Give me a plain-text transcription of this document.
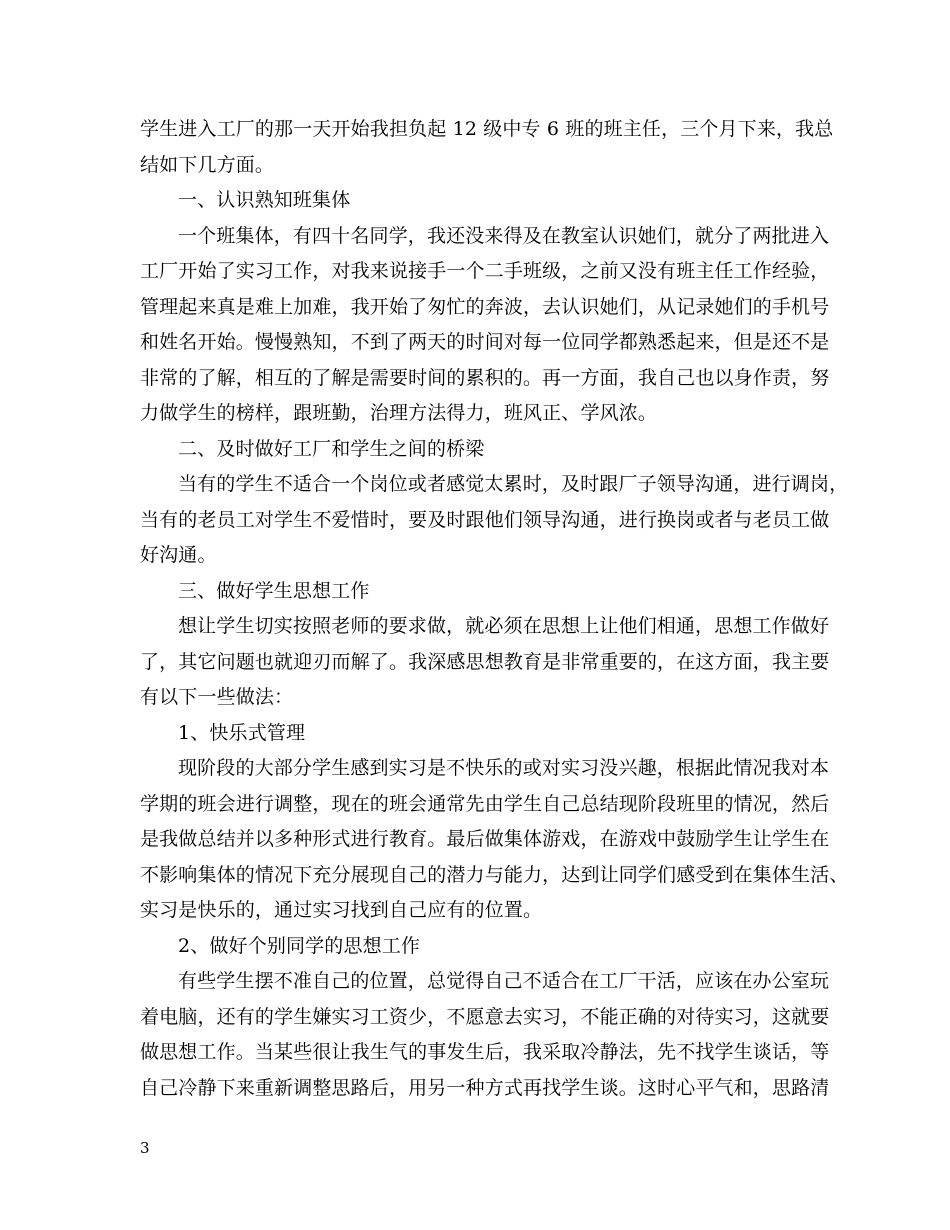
学生进入工厂的那一天开始我担负起 12 级中专 6 班的班主任，三个月下来，我总
结如下几方面。
一、认识熟知班集体
一个班集体，有四十名同学，我还没来得及在教室认识她们，就分了两批进入
工厂开始了实习工作，对我来说接手一个二手班级，之前又没有班主任工作经验，
管理起来真是难上加难，我开始了匆忙的奔波，去认识她们，从记录她们的手机号
和姓名开始。慢慢熟知，不到了两天的时间对每一位同学都熟悉起来，但是还不是
非常的了解，相互的了解是需要时间的累积的。再一方面，我自己也以身作责，努
力做学生的榜样，跟班勤，治理方法得力，班风正、学风浓。
二、及时做好工厂和学生之间的桥梁
当有的学生不适合一个岗位或者感觉太累时，及时跟厂子领导沟通，进行调岗，
当有的老员工对学生不爱惜时，要及时跟他们领导沟通，进行换岗或者与老员工做
好沟通。
三、做好学生思想工作
想让学生切实按照老师的要求做，就必须在思想上让他们相通，思想工作做好
了，其它问题也就迎刃而解了。我深感思想教育是非常重要的，在这方面，我主要
有以下一些做法：
1、快乐式管理
现阶段的大部分学生感到实习是不快乐的或对实习没兴趣，根据此情况我对本
学期的班会进行调整，现在的班会通常先由学生自己总结现阶段班里的情况，然后
是我做总结并以多种形式进行教育。最后做集体游戏，在游戏中鼓励学生让学生在
不影响集体的情况下充分展现自己的潜力与能力，达到让同学们感受到在集体生活、
实习是快乐的，通过实习找到自己应有的位置。
2、做好个别同学的思想工作
有些学生摆不准自己的位置，总觉得自己不适合在工厂干活，应该在办公室玩
着电脑，还有的学生嫌实习工资少，不愿意去实习，不能正确的对待实习，这就要
做思想工作。当某些很让我生气的事发生后，我采取冷静法，先不找学生谈话，等
自己冷静下来重新调整思路后，用另一种方式再找学生谈。这时心平气和，思路清
3
